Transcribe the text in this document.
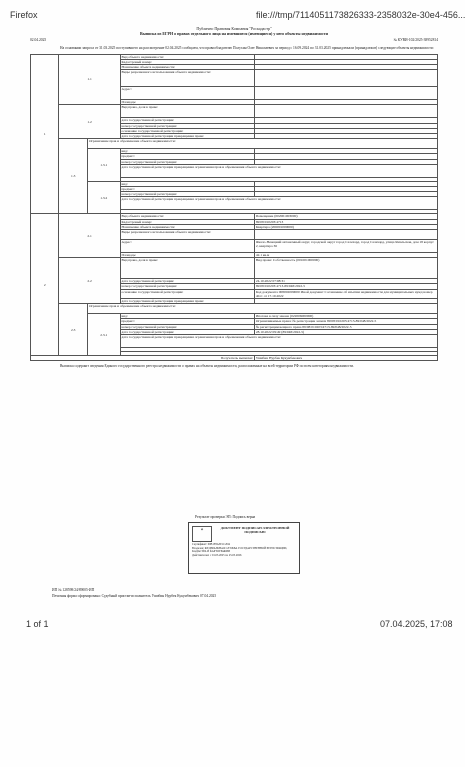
Firefox	file:///tmp/7114051173826333-2358032e-30e4-456...
Публично Правовая Компания "Роскадастр"
Выписка из ЕГРН о правах отдельного лица на имевшиеся (имеющиеся) у него объекты недвижимости
02.04.2025	№ КУВИ-102/2025-38952814
На основании запроса от 31.03.2025 поступившего на рассмотрение 02.04.2025 сообщаем, что правообладателю Полухин Олег Николаевич за период с 16.09.2024 по 31.03.2025 принадлежали (принадлежат) следующие объекты недвижимости:
1	1.1		Вид объекта недвижимости:	
			Кадастровый номер:	
			Назначение объекта недвижимости:	
			Виды разрешенного использования объекта недвижимости:	
			Адрес:	
			Площадь:	
	1.2		Вид права, доля в праве:	
			дата государственной регистрации:	
			номер государственной регистрации:	
			основание государственной регистрации:	
			дата государственной регистрации прекращения права:	
	1.3	Ограничение прав и обременение объекта недвижимости:		
		1.3.1	вид:	
			предмет:	
			номер государственной регистрации:	
			дата государственной регистрации прекращения ограничения прав и обременения объекта недвижимости:	

		1.3.2	вид:	
			предмет:	
			номер государственной регистрации:	
			дата государственной регистрации прекращения ограничения прав и обременения объекта недвижимости:	

2	2.1		Вид объекта недвижимости:	Помещение (002001003000)
			Кадастровый номер:	89:08:010203:4713
			Назначение объекта недвижимости:	Квартира (206001000000)
			Виды разрешенного использования объекта недвижимости:	
			Адрес:	Ямало-Ненецкий автономный округ, городской округ город Салехард, город Салехард, улица Ямальская, дом 18 корпус 2, квартира 36
			Площадь:	42.1 кв.м
	2.2		Вид права, доля в праве:	Вид права: Собственность (001001000000)
			дата государственной регистрации:	24.10.2022 07:08:31
			номер государственной регистрации:	89:08:010203:4713-89/048/2022-5
			основание государственной регистрации:	Код документа 008002009000 Иной документ Соглашение об изъятии недвижимости для муниципальных нужд номер 40-С от 17.10.2022
			дата государственной регистрации прекращения права:	
	2.3	Ограничение прав и обременение объекта недвижимости:		
		2.3.1	вид:	Ипотека в силу закона (022006000000)
			предмет:	Ограничиваемые права: № регистрации записи 89:08:010203:4713-89/048/2022-5
			номер государственной регистрации:	№ регистрации вещного права 89:08:010203:4713-89/048/2022-5
			дата государственной регистрации:	28.10.2022 09:49 (89/048/2022-5)
			дата государственной регистрации прекращения ограничения прав и обременения объекта недвижимости:	

Получатель выписки:				Ушибин Нурбек Кукумбекович
Выписка содержит сведения Единого государственного реестра недвижимости о правах на объекты недвижимости, расположенные на всей территории РФ по всем категориям недвижимости.
Результат проверки ЭП: Подпись верна
◈	ДОКУМЕНТ ПОДПИСАН ЭЛЕКТРОННОЙ ПОДПИСЬЮ
Сертификат: 00B1F8A3E1C2D4
Владелец: ФЕДЕРАЛЬНАЯ СЛУЖБА ГОСУДАРСТВЕННОЙ РЕГИСТРАЦИИ, КАДАСТРА И КАРТОГРАФИИ
Действителен: с 01.03.2025 по 25.05.2026
ИП № 128598/24/89005-ИП
Печатная форма сформирована: Судебный пристав-исполнитель Ушибин Нурбек Кукумбекович 07.04.2025
1 of 1	07.04.2025, 17:08
